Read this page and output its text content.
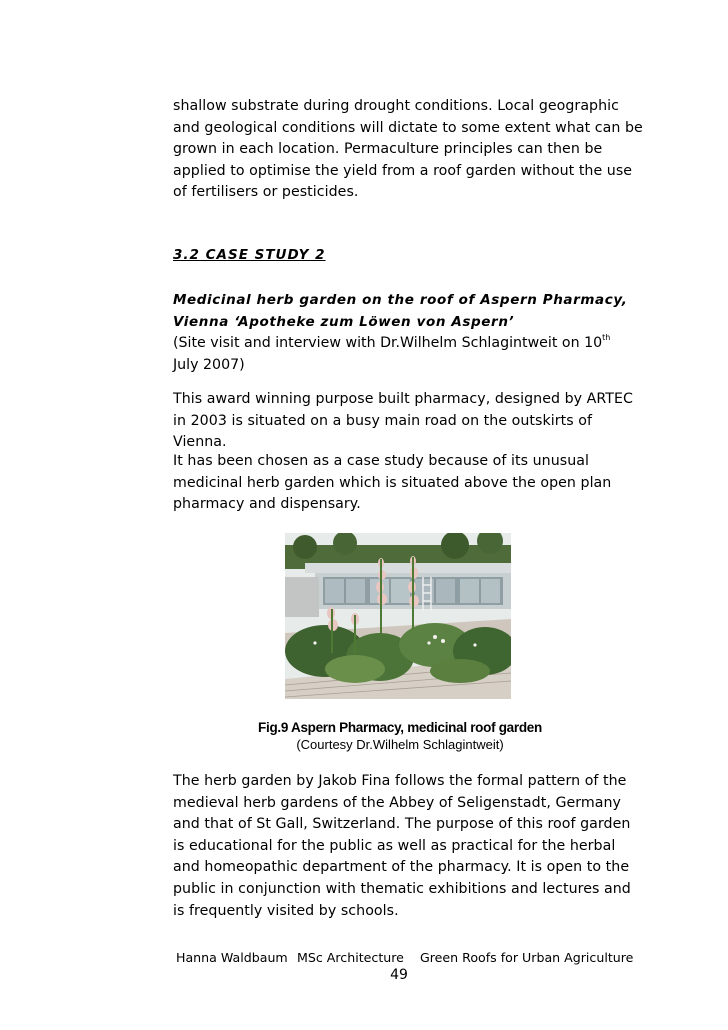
shallow substrate during drought conditions. Local geographic and geological conditions will dictate to some extent what can be grown in each location. Permaculture principles can then be applied to optimise the yield from a roof garden without the use of fertilisers or pesticides.

3.2 CASE STUDY 2

Medicinal herb garden on the roof of Aspern Pharmacy,
Vienna ‘Apotheke zum Löwen von Aspern’
(Site visit and interview with Dr.Wilhelm Schlagintweit on 10th
July 2007)

This award winning purpose built pharmacy, designed by ARTEC in 2003 is situated on a busy main road on the outskirts of Vienna.

It has been chosen as a case study because of its unusual medicinal herb garden which is situated above the open plan pharmacy and dispensary.

Fig.9 Aspern Pharmacy, medicinal roof garden
(Courtesy Dr.Wilhelm Schlagintweit)

The herb garden by Jakob Fina follows the formal pattern of the medieval herb gardens of the Abbey of Seligenstadt, Germany and that of St Gall, Switzerland. The purpose of this roof garden is educational for the public as well as practical for the herbal and homeopathic department of the pharmacy. It is open to the public in conjunction with thematic exhibitions and lectures and is frequently visited by schools.

Hanna Waldbaum MSc Architecture Green Roofs for Urban Agriculture

49
